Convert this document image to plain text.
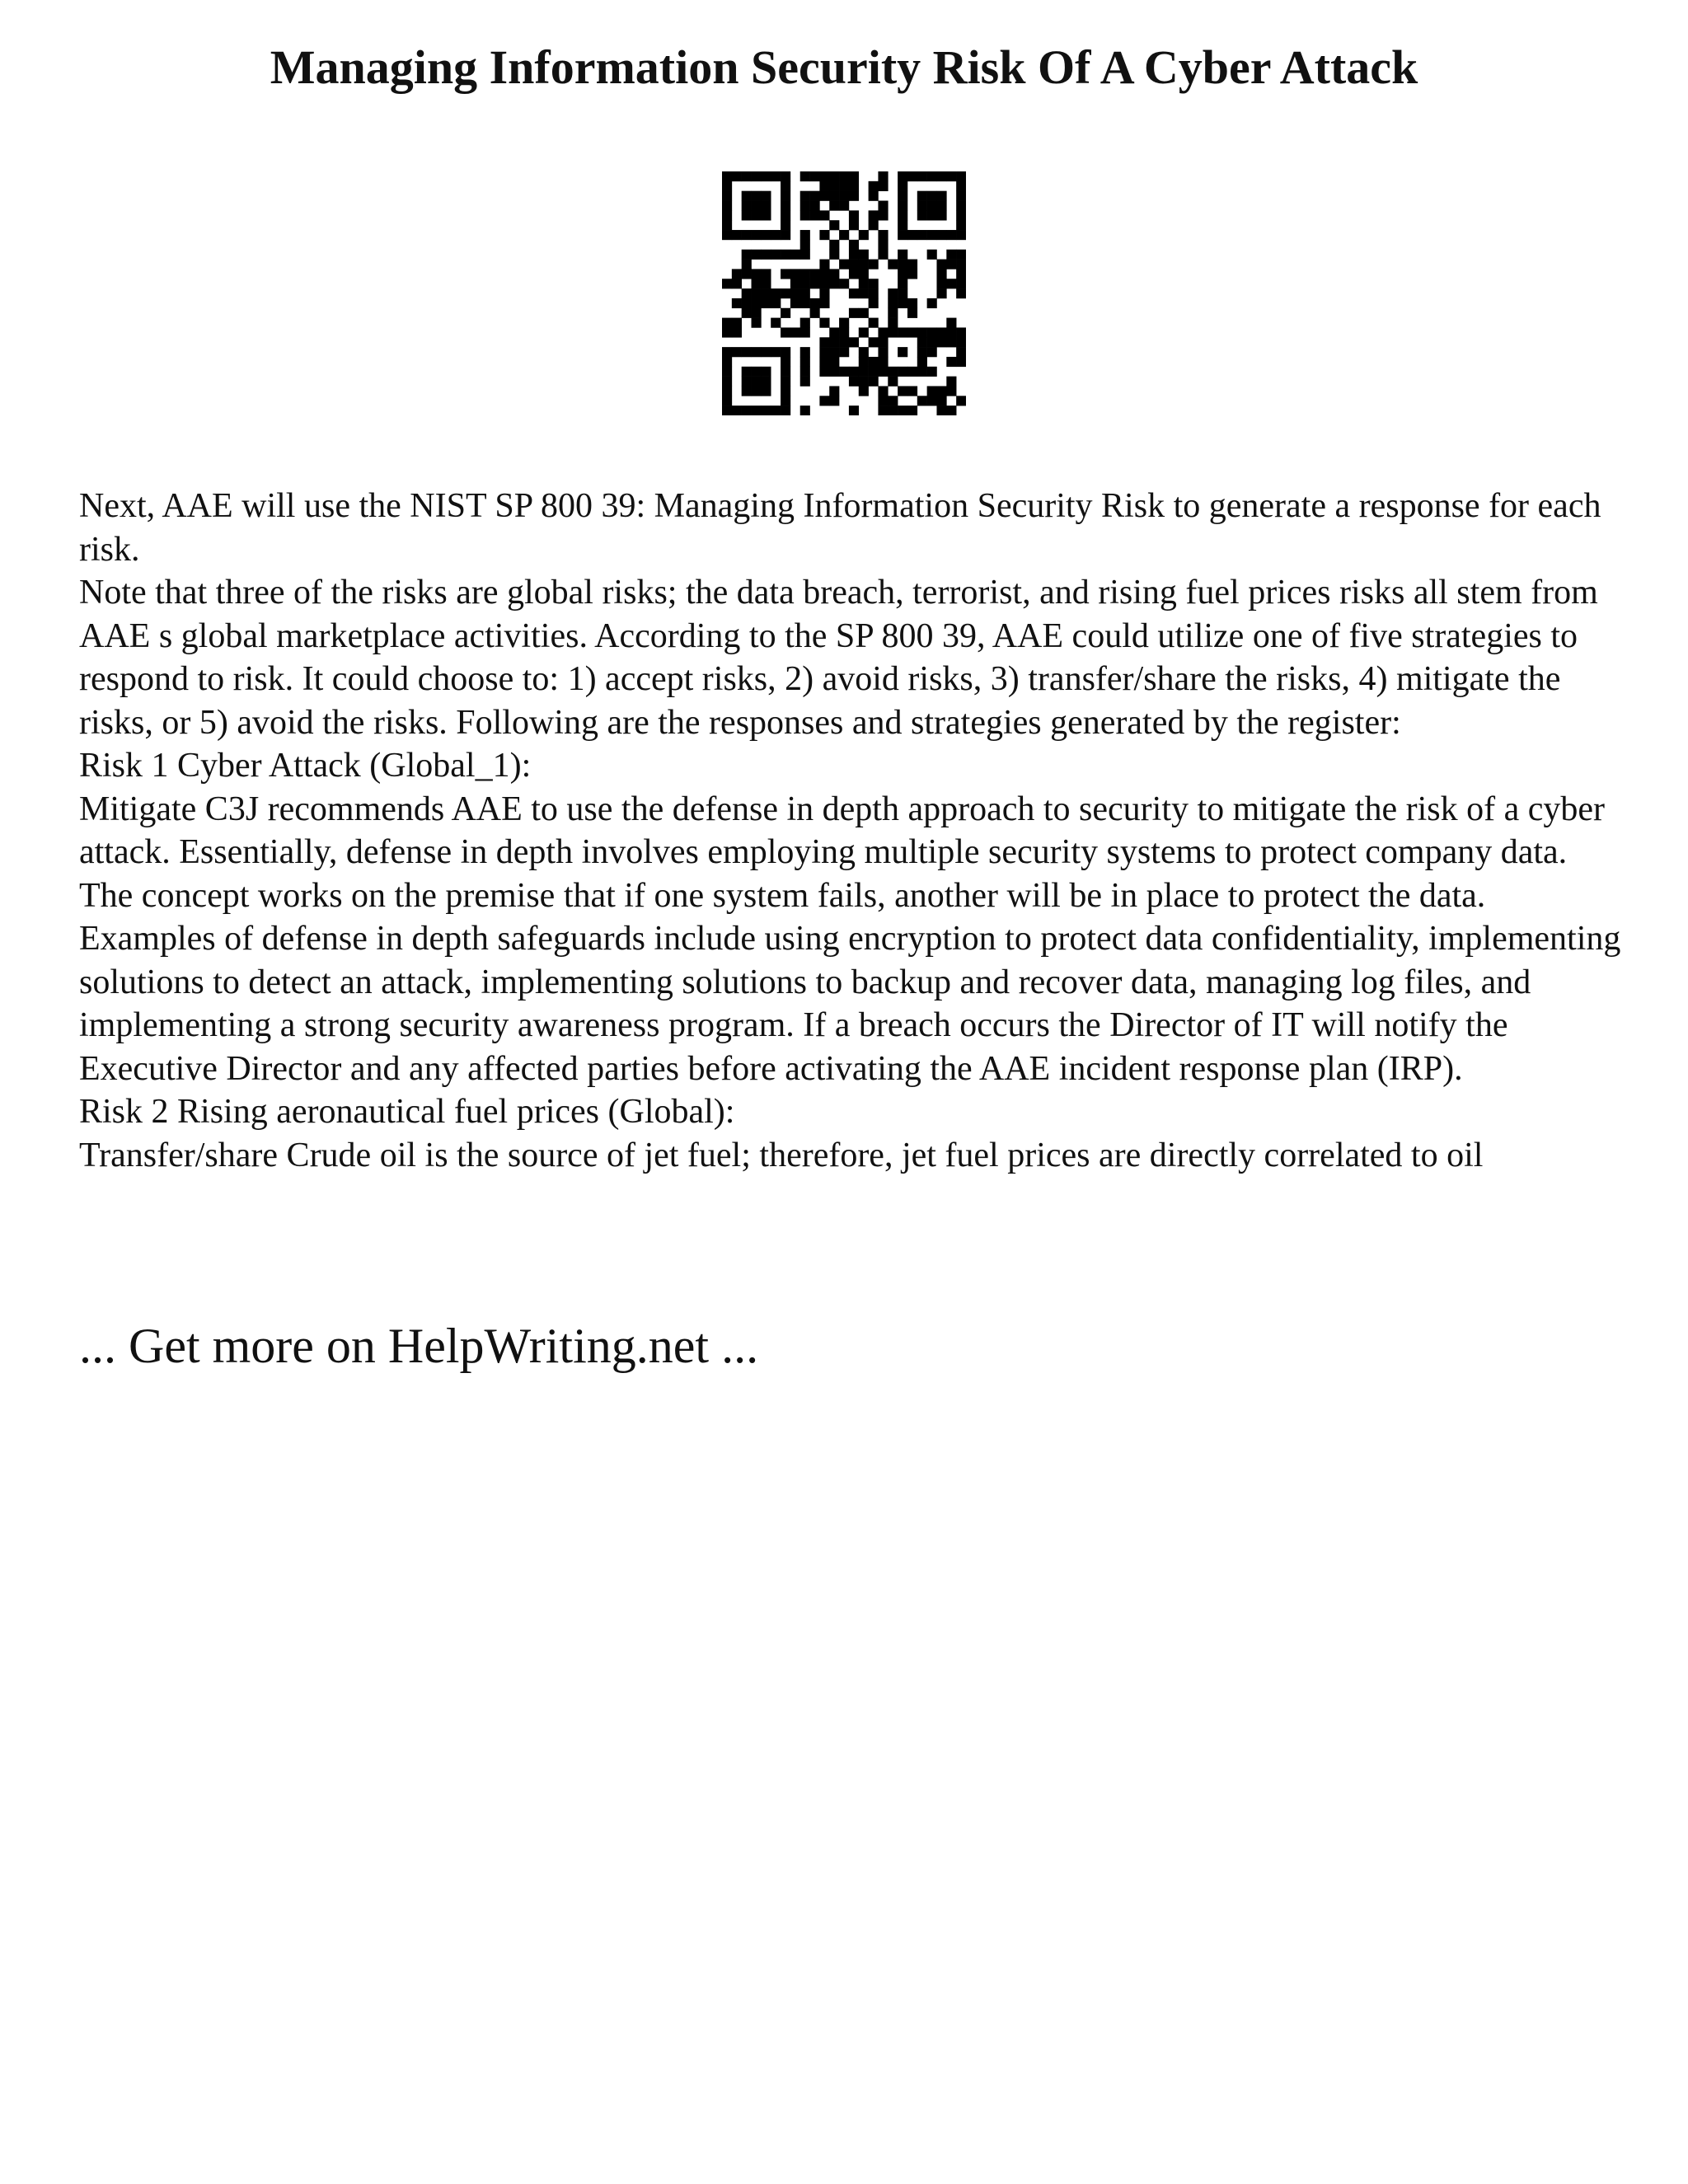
Managing Information Security Risk Of A Cyber Attack

Next, AAE will use the NIST SP 800 39: Managing Information Security Risk to generate a response for each risk.

Note that three of the risks are global risks; the data breach, terrorist, and rising fuel prices risks all stem from AAE s global marketplace activities. According to the SP 800 39, AAE could utilize one of five strategies to respond to risk. It could choose to: 1) accept risks, 2) avoid risks, 3) transfer/share the risks, 4) mitigate the risks, or 5) avoid the risks. Following are the responses and strategies generated by the register:

Risk 1 Cyber Attack (Global_1):

Mitigate C3J recommends AAE to use the defense in depth approach to security to mitigate the risk of a cyber attack. Essentially, defense in depth involves employing multiple security systems to protect company data. The concept works on the premise that if one system fails, another will be in place to protect the data. Examples of defense in depth safeguards include using encryption to protect data confidentiality, implementing solutions to detect an attack, implementing solutions to backup and recover data, managing log files, and implementing a strong security awareness program. If a breach occurs the Director of IT will notify the Executive Director and any affected parties before activating the AAE incident response plan (IRP).

Risk 2 Rising aeronautical fuel prices (Global):

Transfer/share Crude oil is the source of jet fuel; therefore, jet fuel prices are directly correlated to oil

... Get more on HelpWriting.net ...
